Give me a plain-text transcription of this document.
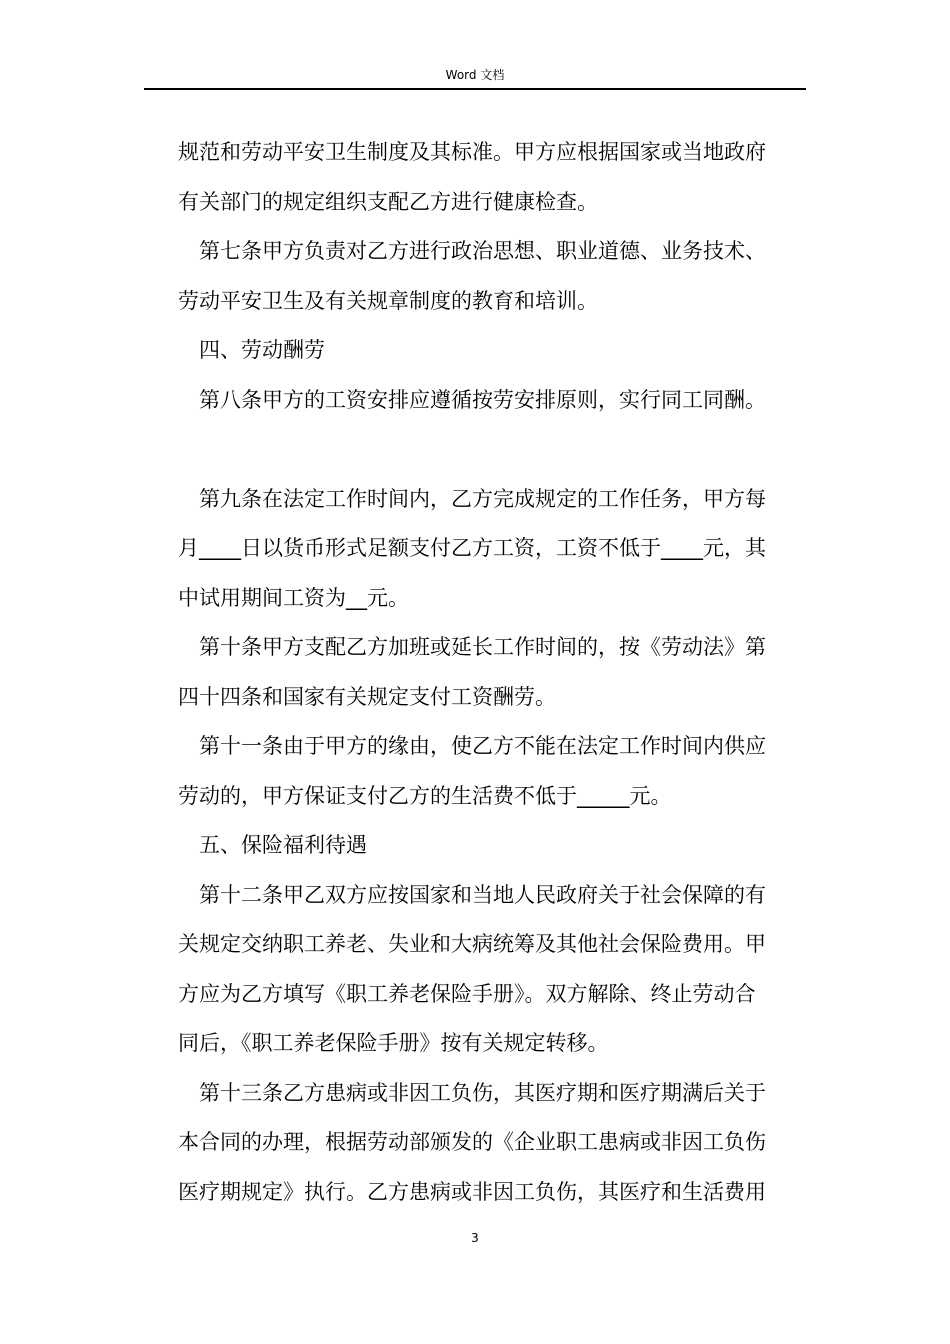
Word 文档

规范和劳动平安卫生制度及其标准。甲方应根据国家或当地政府

有关部门的规定组织支配乙方进行健康检查。

第七条甲方负责对乙方进行政治思想、职业道德、业务技术、

劳动平安卫生及有关规章制度的教育和培训。

四、劳动酬劳

第八条甲方的工资安排应遵循按劳安排原则，实行同工同酬。

第九条在法定工作时间内，乙方完成规定的工作任务，甲方每

月____日以货币形式足额支付乙方工资，工资不低于____元，其

中试用期间工资为__元。

第十条甲方支配乙方加班或延长工作时间的，按《劳动法》第

四十四条和国家有关规定支付工资酬劳。

第十一条由于甲方的缘由，使乙方不能在法定工作时间内供应

劳动的，甲方保证支付乙方的生活费不低于_____元。

五、保险福利待遇

第十二条甲乙双方应按国家和当地人民政府关于社会保障的有

关规定交纳职工养老、失业和大病统筹及其他社会保险费用。甲

方应为乙方填写《职工养老保险手册》。双方解除、终止劳动合

同后，《职工养老保险手册》按有关规定转移。

第十三条乙方患病或非因工负伤，其医疗期和医疗期满后关于

本合同的办理，根据劳动部颁发的《企业职工患病或非因工负伤

医疗期规定》执行。乙方患病或非因工负伤，其医疗和生活费用

3
